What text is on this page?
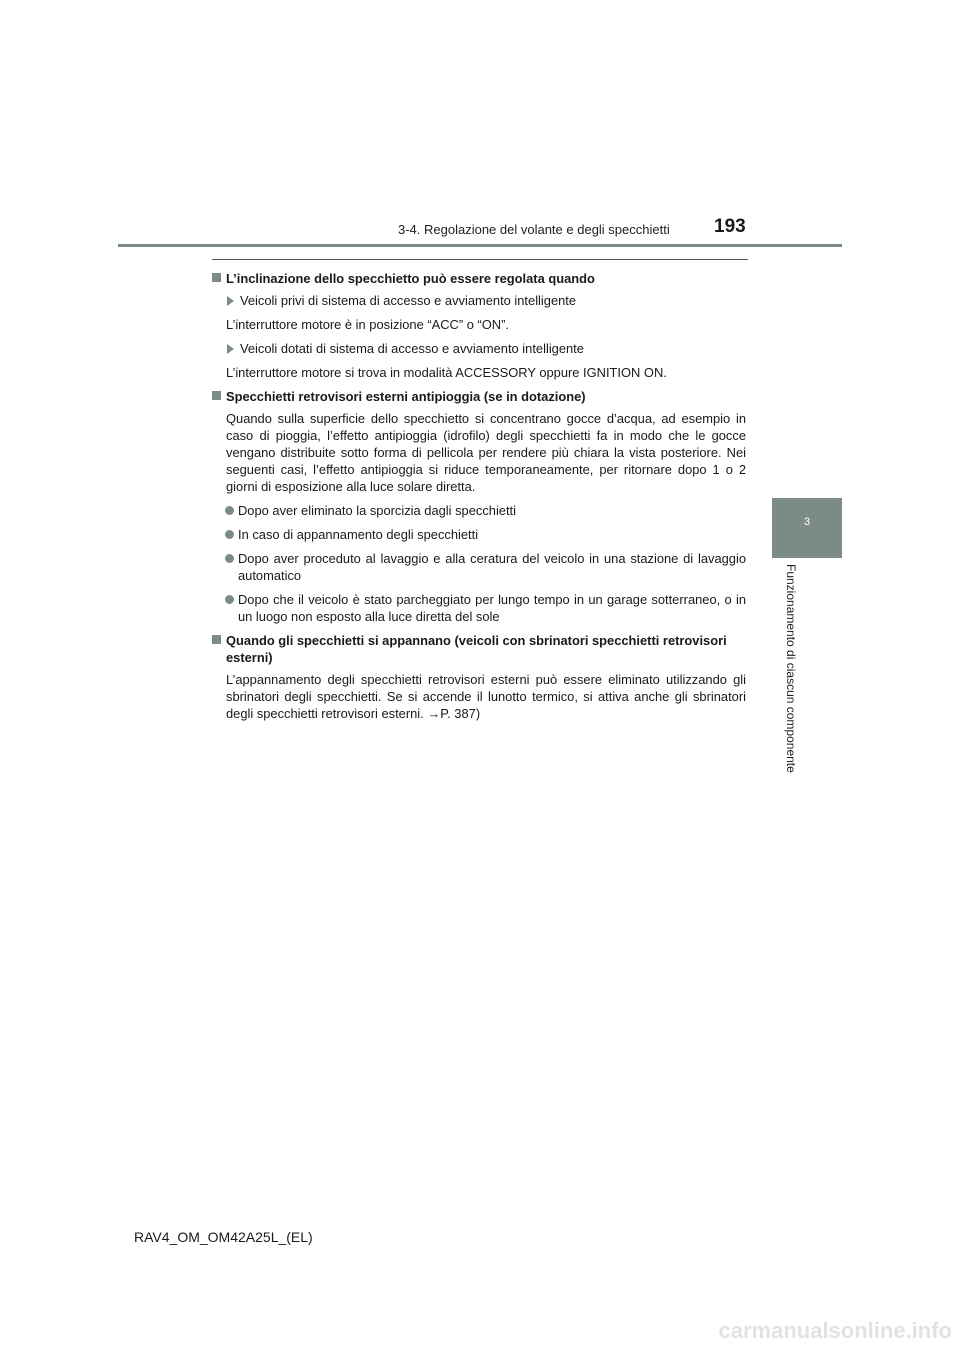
3-4. Regolazione del volante e degli specchietti 193
3
Funzionamento di ciascun componente
L’inclinazione dello specchietto può essere regolata quando
Veicoli privi di sistema di accesso e avviamento intelligente
L’interruttore motore è in posizione “ACC” o “ON”.
Veicoli dotati di sistema di accesso e avviamento intelligente
L’interruttore motore si trova in modalità ACCESSORY oppure IGNITION ON.
Specchietti retrovisori esterni antipioggia (se in dotazione)
Quando sulla superficie dello specchietto si concentrano gocce d’acqua, ad esempio in caso di pioggia, l’effetto antipioggia (idrofilo) degli specchietti fa in modo che le gocce vengano distribuite sotto forma di pellicola per rendere più chiara la vista posteriore. Nei seguenti casi, l’effetto antipioggia si riduce temporaneamente, per ritornare dopo 1 o 2 giorni di esposizione alla luce solare diretta.
Dopo aver eliminato la sporcizia dagli specchietti
In caso di appannamento degli specchietti
Dopo aver proceduto al lavaggio e alla ceratura del veicolo in una stazione di lavaggio automatico
Dopo che il veicolo è stato parcheggiato per lungo tempo in un garage sotterraneo, o in un luogo non esposto alla luce diretta del sole
Quando gli specchietti si appannano (veicoli con sbrinatori specchietti retrovisori esterni)
L’appannamento degli specchietti retrovisori esterni può essere eliminato utilizzando gli sbrinatori degli specchietti. Se si accende il lunotto termico, si attiva anche gli sbrinatori degli specchietti retrovisori esterni. →P. 387)
RAV4_OM_OM42A25L_(EL)
carmanualsonline.info
